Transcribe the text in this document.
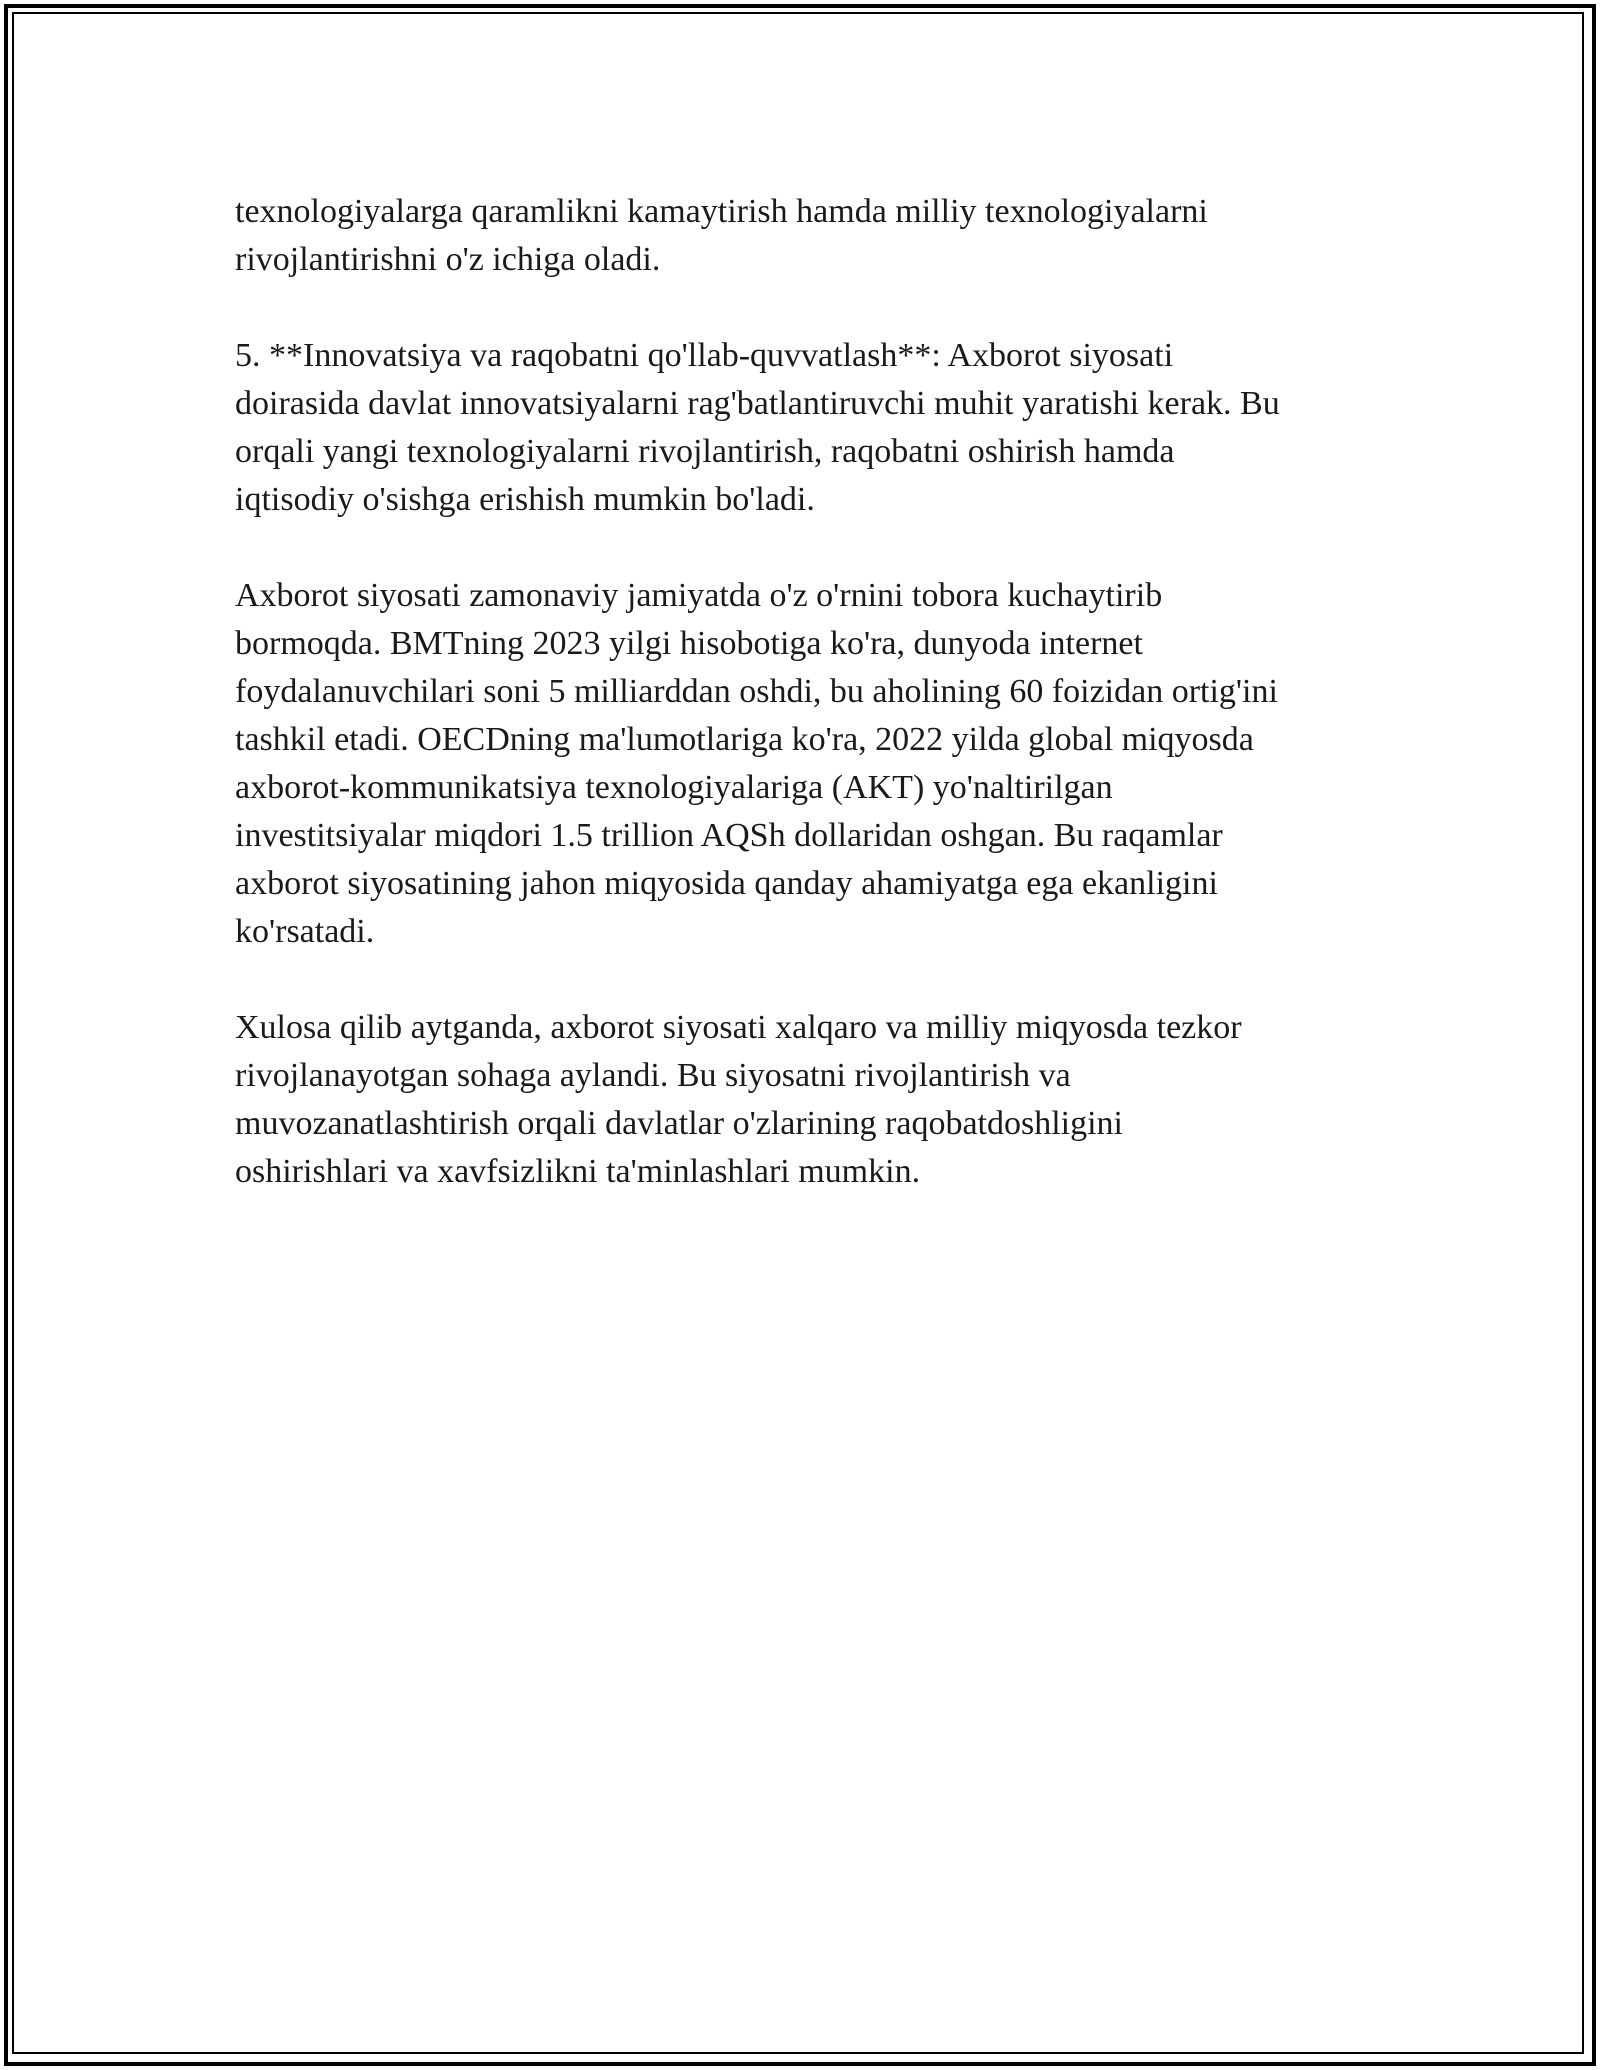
texnologiyalarga qaramlikni kamaytirish hamda milliy texnologiyalarni
rivojlantirishni o'z ichiga oladi.
5. **Innovatsiya va raqobatni qo'llab-quvvatlash**: Axborot siyosati
doirasida davlat innovatsiyalarni rag'batlantiruvchi muhit yaratishi kerak. Bu
orqali yangi texnologiyalarni rivojlantirish, raqobatni oshirish hamda
iqtisodiy o'sishga erishish mumkin bo'ladi.
Axborot siyosati zamonaviy jamiyatda o'z o'rnini tobora kuchaytirib
bormoqda. BMTning 2023 yilgi hisobotiga ko'ra, dunyoda internet
foydalanuvchilari soni 5 milliarddan oshdi, bu aholining 60 foizidan ortig'ini
tashkil etadi. OECDning ma'lumotlariga ko'ra, 2022 yilda global miqyosda
axborot-kommunikatsiya texnologiyalariga (AKT) yo'naltirilgan
investitsiyalar miqdori 1.5 trillion AQSh dollaridan oshgan. Bu raqamlar
axborot siyosatining jahon miqyosida qanday ahamiyatga ega ekanligini
ko'rsatadi.
Xulosa qilib aytganda, axborot siyosati xalqaro va milliy miqyosda tezkor
rivojlanayotgan sohaga aylandi. Bu siyosatni rivojlantirish va
muvozanatlashtirish orqali davlatlar o'zlarining raqobatdoshligini
oshirishlari va xavfsizlikni ta'minlashlari mumkin.
